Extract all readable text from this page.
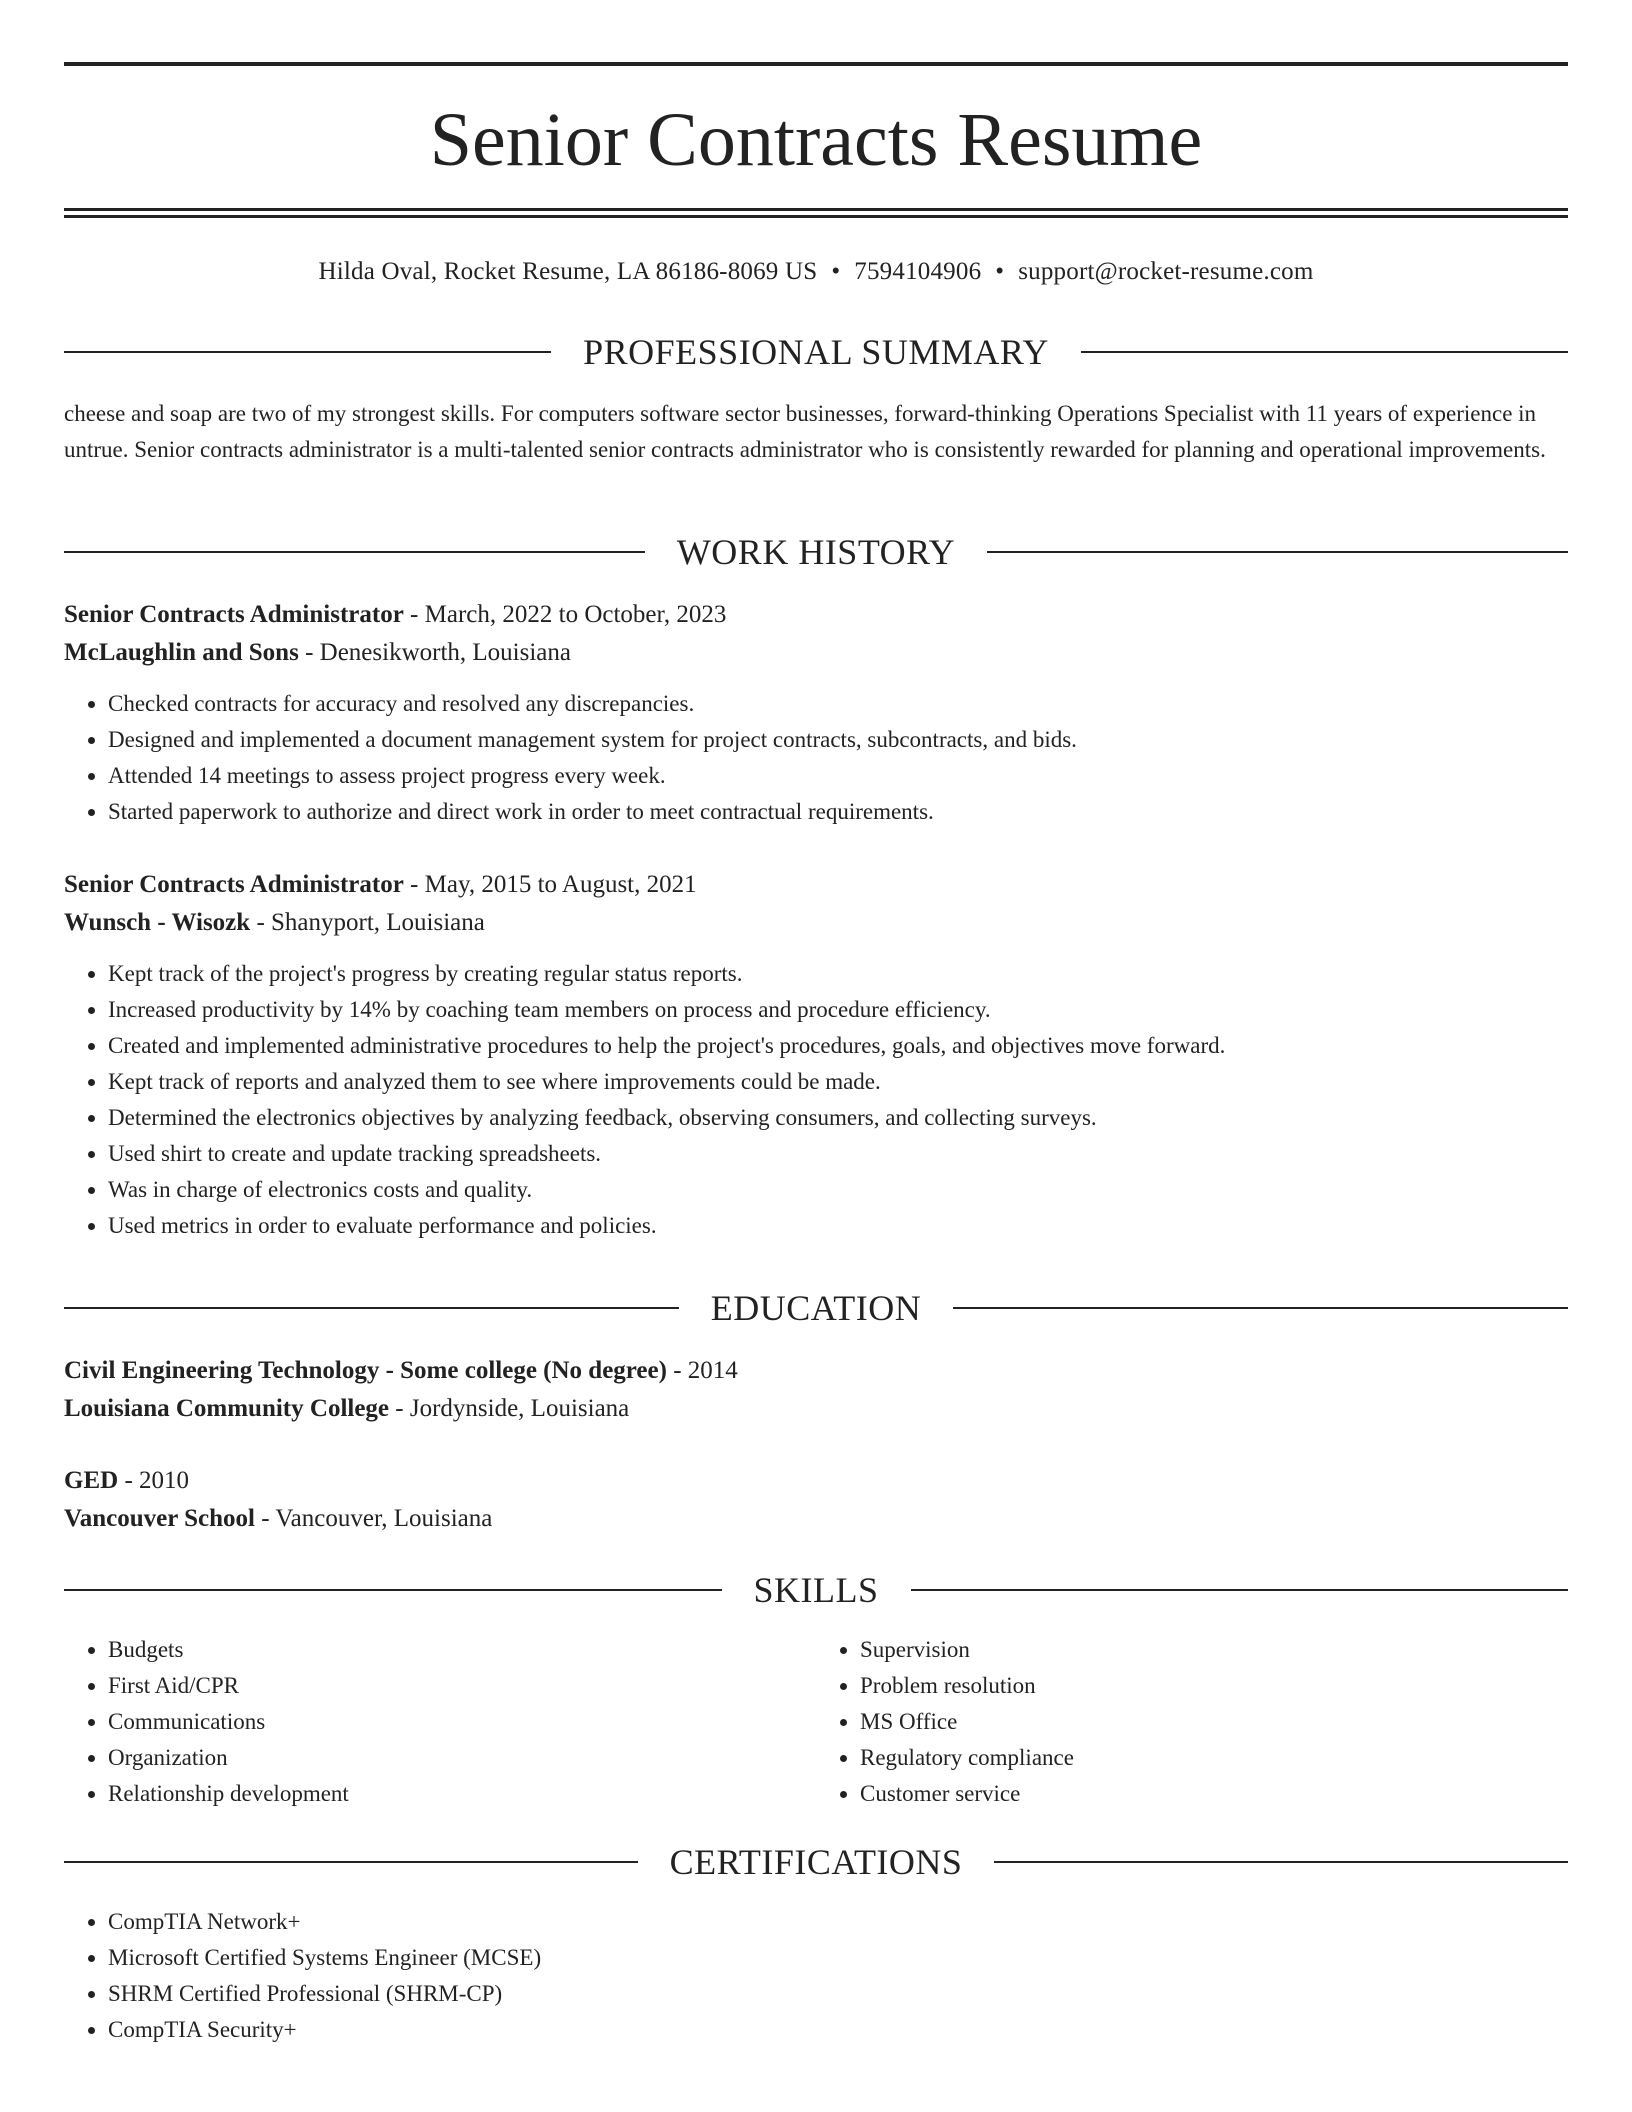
Senior Contracts Resume
Hilda Oval, Rocket Resume, LA 86186-8069 US • 7594104906 • support@rocket-resume.com
PROFESSIONAL SUMMARY

cheese and soap are two of my strongest skills. For computers software sector businesses, forward-thinking Operations Specialist with 11 years of experience in untrue. Senior contracts administrator is a multi-talented senior contracts administrator who is consistently rewarded for planning and operational improvements.

WORK HISTORY
Senior Contracts Administrator - March, 2022 to October, 2023
McLaughlin and Sons - Denesikworth, Louisiana
• Checked contracts for accuracy and resolved any discrepancies.
• Designed and implemented a document management system for project contracts, subcontracts, and bids.
• Attended 14 meetings to assess project progress every week.
• Started paperwork to authorize and direct work in order to meet contractual requirements.
Senior Contracts Administrator - May, 2015 to August, 2021
Wunsch - Wisozk - Shanyport, Louisiana
• Kept track of the project's progress by creating regular status reports.
• Increased productivity by 14% by coaching team members on process and procedure efficiency.
• Created and implemented administrative procedures to help the project's procedures, goals, and objectives move forward.
• Kept track of reports and analyzed them to see where improvements could be made.
• Determined the electronics objectives by analyzing feedback, observing consumers, and collecting surveys.
• Used shirt to create and update tracking spreadsheets.
• Was in charge of electronics costs and quality.
• Used metrics in order to evaluate performance and policies.
EDUCATION
Civil Engineering Technology - Some college (No degree) - 2014
Louisiana Community College - Jordynside, Louisiana
GED - 2010
Vancouver School - Vancouver, Louisiana
SKILLS
• Budgets
• First Aid/CPR
• Communications
• Organization
• Relationship development
• Supervision
• Problem resolution
• MS Office
• Regulatory compliance
• Customer service
CERTIFICATIONS
• CompTIA Network+
• Microsoft Certified Systems Engineer (MCSE)
• SHRM Certified Professional (SHRM-CP)
• CompTIA Security+
